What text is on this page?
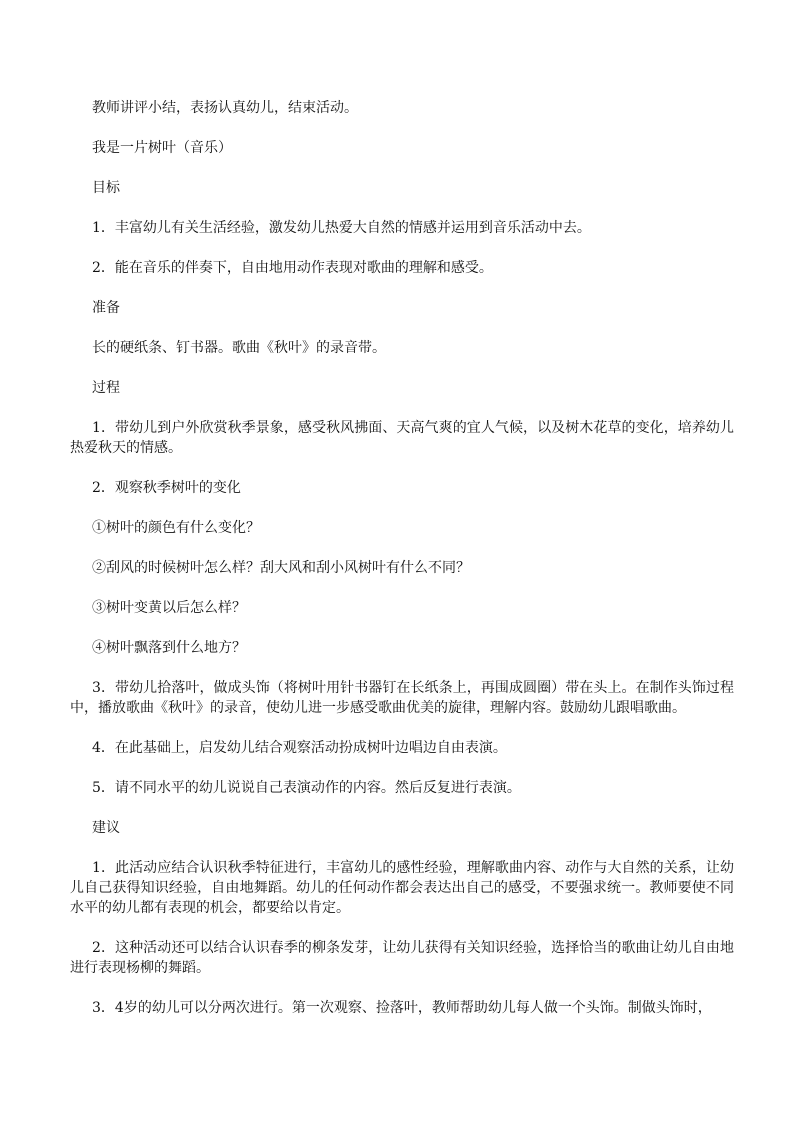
教师讲评小结，表扬认真幼儿，结束活动。

我是一片树叶（音乐）

目标

1．丰富幼儿有关生活经验，激发幼儿热爱大自然的情感并运用到音乐活动中去。

2．能在音乐的伴奏下，自由地用动作表现对歌曲的理解和感受。

准备

长的硬纸条、钉书器。歌曲《秋叶》的录音带。

过程

1．带幼儿到户外欣赏秋季景象，感受秋风拂面、天高气爽的宜人气候，以及树木花草的变化，培养幼儿热爱秋天的情感。

2．观察秋季树叶的变化

①树叶的颜色有什么变化？

②刮风的时候树叶怎么样？刮大风和刮小风树叶有什么不同？

③树叶变黄以后怎么样？

④树叶飘落到什么地方？

3．带幼儿拾落叶，做成头饰（将树叶用针书器钉在长纸条上，再围成圆圈）带在头上。在制作头饰过程中，播放歌曲《秋叶》的录音，使幼儿进一步感受歌曲优美的旋律，理解内容。鼓励幼儿跟唱歌曲。

4．在此基础上，启发幼儿结合观察活动扮成树叶边唱边自由表演。

5．请不同水平的幼儿说说自己表演动作的内容。然后反复进行表演。

建议

1．此活动应结合认识秋季特征进行，丰富幼儿的感性经验，理解歌曲内容、动作与大自然的关系，让幼儿自己获得知识经验，自由地舞蹈。幼儿的任何动作都会表达出自己的感受，不要强求统一。教师要使不同水平的幼儿都有表现的机会，都要给以肯定。

2．这种活动还可以结合认识春季的柳条发芽，让幼儿获得有关知识经验，选择恰当的歌曲让幼儿自由地进行表现杨柳的舞蹈。

3．4岁的幼儿可以分两次进行。第一次观察、捡落叶，教师帮助幼儿每人做一个头饰。制做头饰时，
